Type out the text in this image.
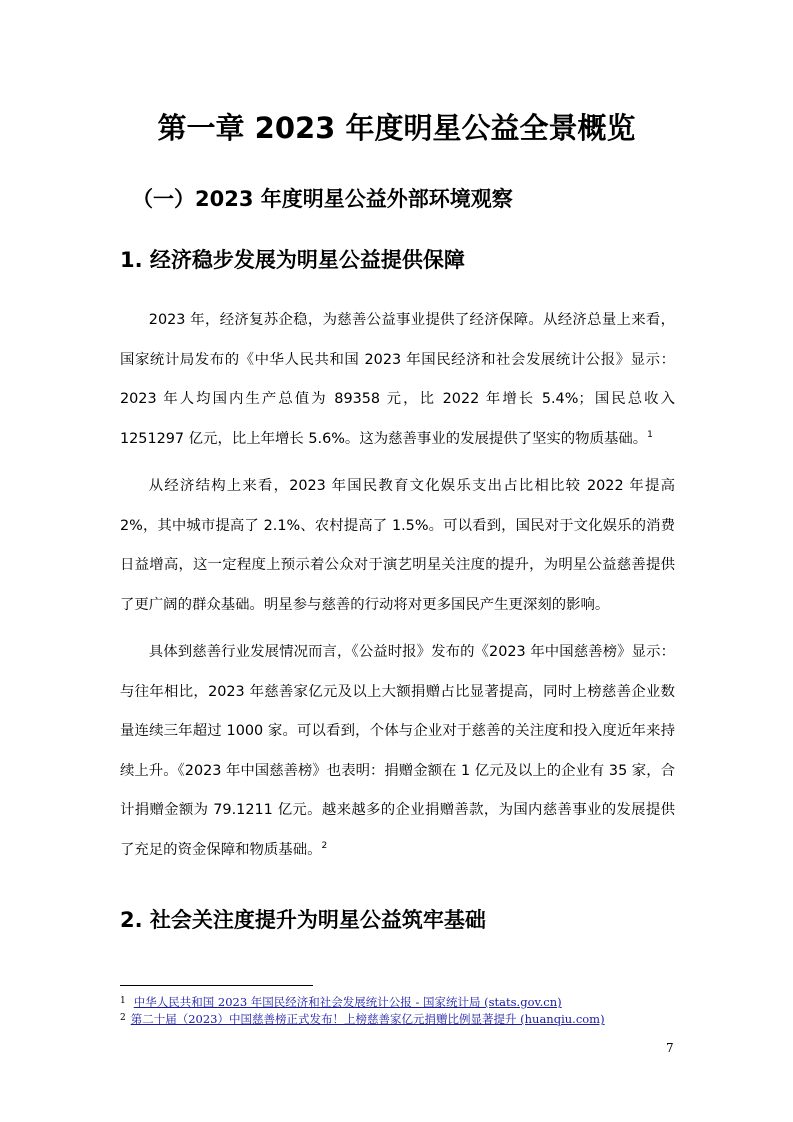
第一章 2023 年度明星公益全景概览
（一）2023 年度明星公益外部环境观察
1. 经济稳步发展为明星公益提供保障

2023 年，经济复苏企稳，为慈善公益事业提供了经济保障。从经济总量上来看，国家统计局发布的《中华人民共和国 2023 年国民经济和社会发展统计公报》显示：2023 年人均国内生产总值为 89358 元，比 2022 年增长 5.4%；国民总收入 1251297 亿元，比上年增长 5.6%。这为慈善事业的发展提供了坚实的物质基础。$^1$

从经济结构上来看，2023 年国民教育文化娱乐支出占比相比较 2022 年提高 2%，其中城市提高了 2.1%、农村提高了 1.5%。可以看到，国民对于文化娱乐的消费日益增高，这一定程度上预示着公众对于演艺明星关注度的提升，为明星公益慈善提供了更广阔的群众基础。明星参与慈善的行动将对更多国民产生更深刻的影响。

具体到慈善行业发展情况而言，《公益时报》发布的《2023 年中国慈善榜》显示：与往年相比，2023 年慈善家亿元及以上大额捐赠占比显著提高，同时上榜慈善企业数量连续三年超过 1000 家。可以看到，个体与企业对于慈善的关注度和投入度近年来持续上升。《2023 年中国慈善榜》也表明：捐赠金额在 1 亿元及以上的企业有 35 家，合计捐赠金额为 79.1211 亿元。越来越多的企业捐赠善款，为国内慈善事业的发展提供了充足的资金保障和物质基础。$^2$

2. 社会关注度提升为明星公益筑牢基础

1 中华人民共和国 2023 年国民经济和社会发展统计公报 - 国家统计局 (stats.gov.cn)

2 第二十届（2023）中国慈善榜正式发布！上榜慈善家亿元捐赠比例显著提升 (huanqiu.com)

7
